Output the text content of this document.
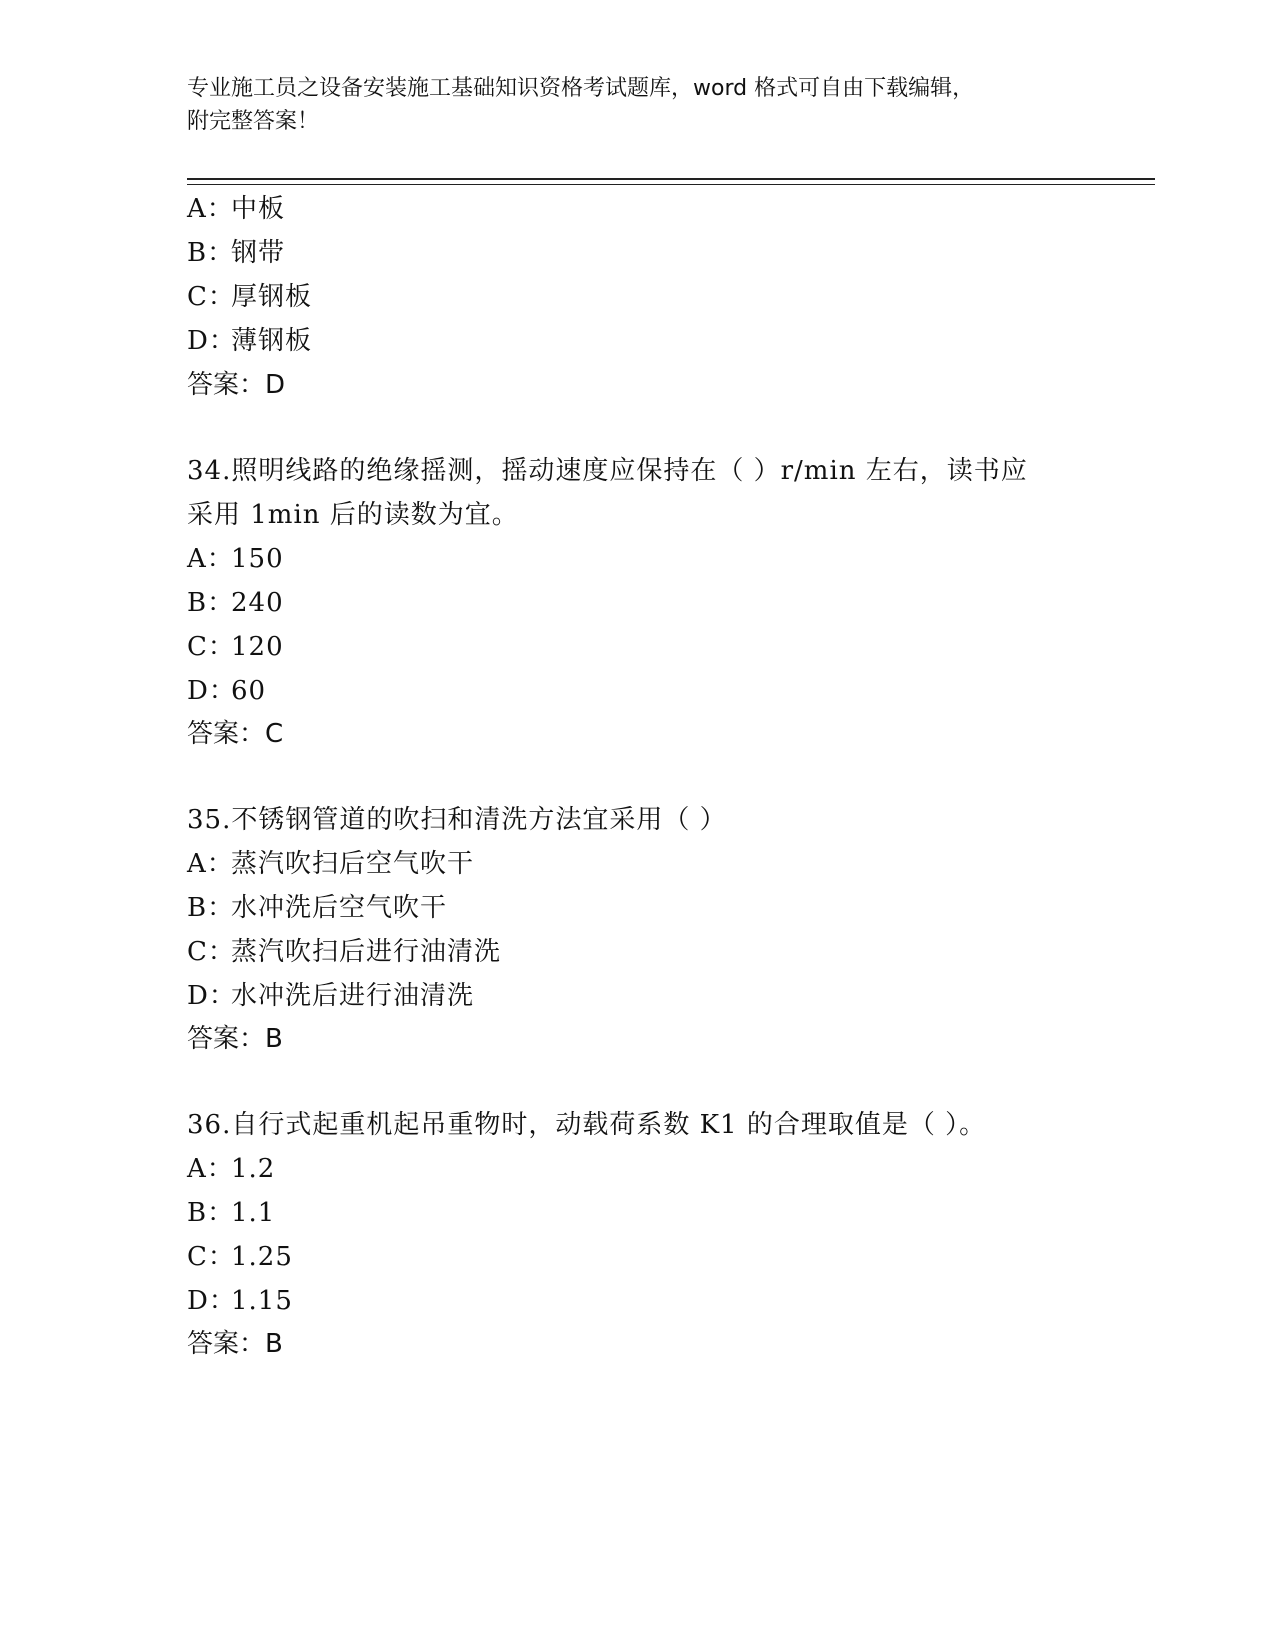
专业施工员之设备安装施工基础知识资格考试题库，word 格式可自由下载编辑，
附完整答案！
A：中板
B：钢带
C：厚钢板
D：薄钢板
答案：D
34.照明线路的绝缘摇测，摇动速度应保持在（ ）r/min 左右，读书应
采用 1min 后的读数为宜。
A：150
B：240
C：120
D：60
答案：C
35.不锈钢管道的吹扫和清洗方法宜采用（ ）
A：蒸汽吹扫后空气吹干
B：水冲洗后空气吹干
C：蒸汽吹扫后进行油清洗
D：水冲洗后进行油清洗
答案：B
36.自行式起重机起吊重物时，动载荷系数 K1 的合理取值是（ ）。
A：1.2
B：1.1
C：1.25
D：1.15
答案：B
